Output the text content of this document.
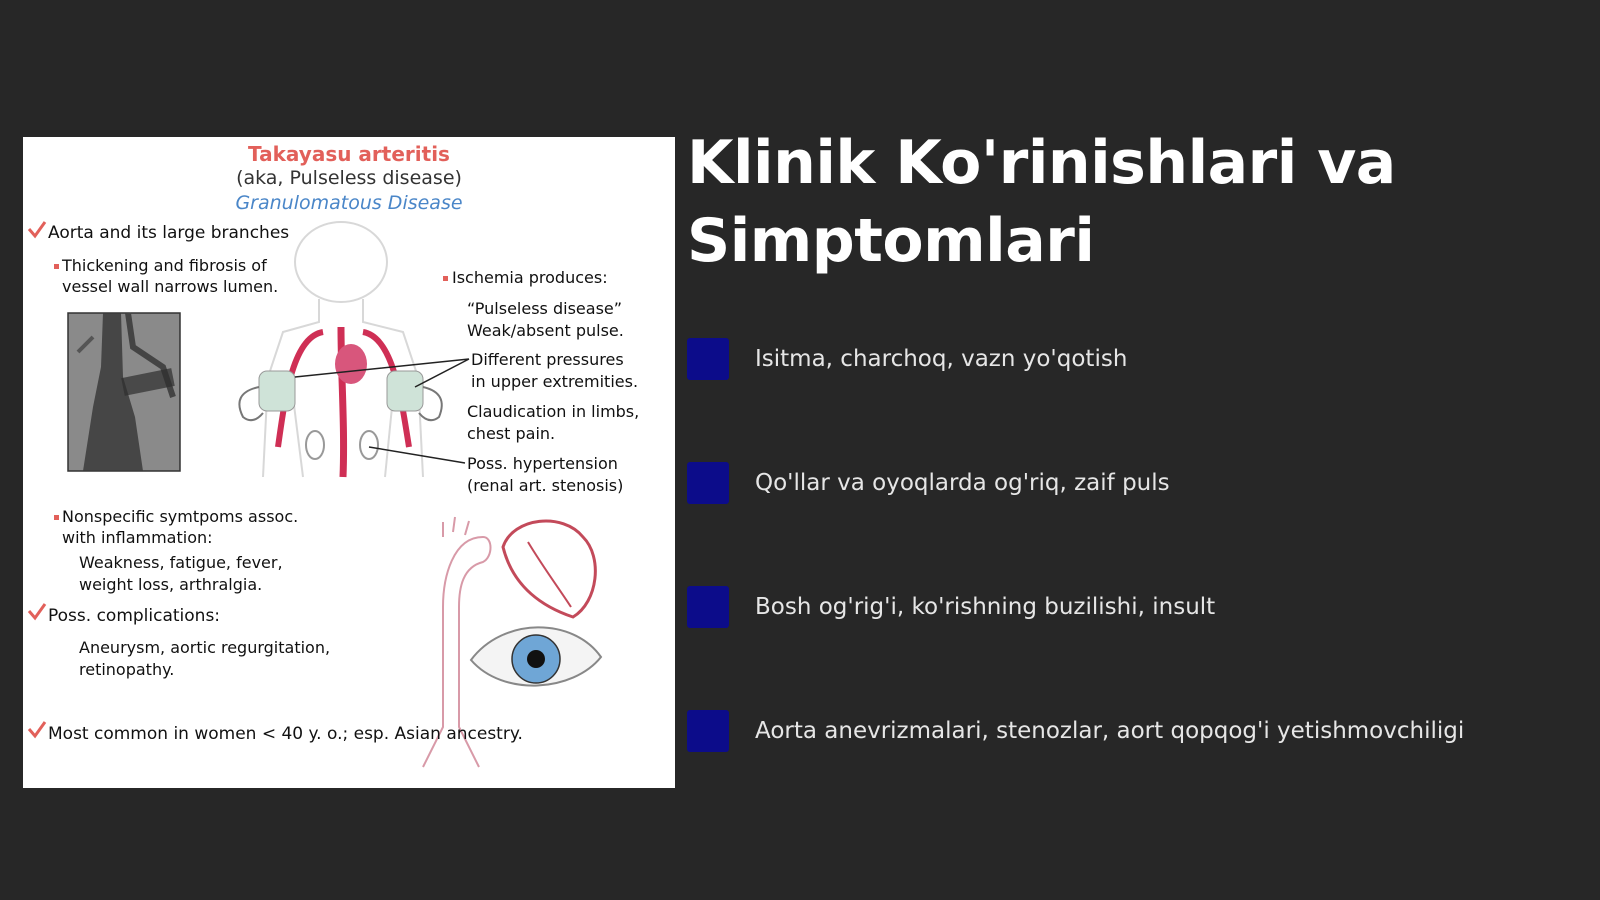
Takayasu arteritis
(aka, Pulseless disease)
Granulomatous Disease
Aorta and its large branches
Thickening and fibrosis of
vessel wall narrows lumen.	Ischemia produces:
“Pulseless disease”
Weak/absent pulse.
Different pressures
in upper extremities.
Claudication in limbs,
chest pain.
Poss. hypertension
(renal art. stenosis)
Nonspecific symtpoms assoc.
with inflammation:
Weakness, fatigue, fever,
weight loss, arthralgia.
Poss. complications:
Aneurysm, aortic regurgitation,
retinopathy.
Most common in women < 40 y. o.; esp. Asian ancestry.
Klinik Ko'rinishlari va Simptomlari
Isitma, charchoq, vazn yo'qotish
Qo'llar va oyoqlarda og'riq, zaif puls
Bosh og'rig'i, ko'rishning buzilishi, insult
Aorta anevrizmalari, stenozlar, aort qopqog'i yetishmovchiligi
